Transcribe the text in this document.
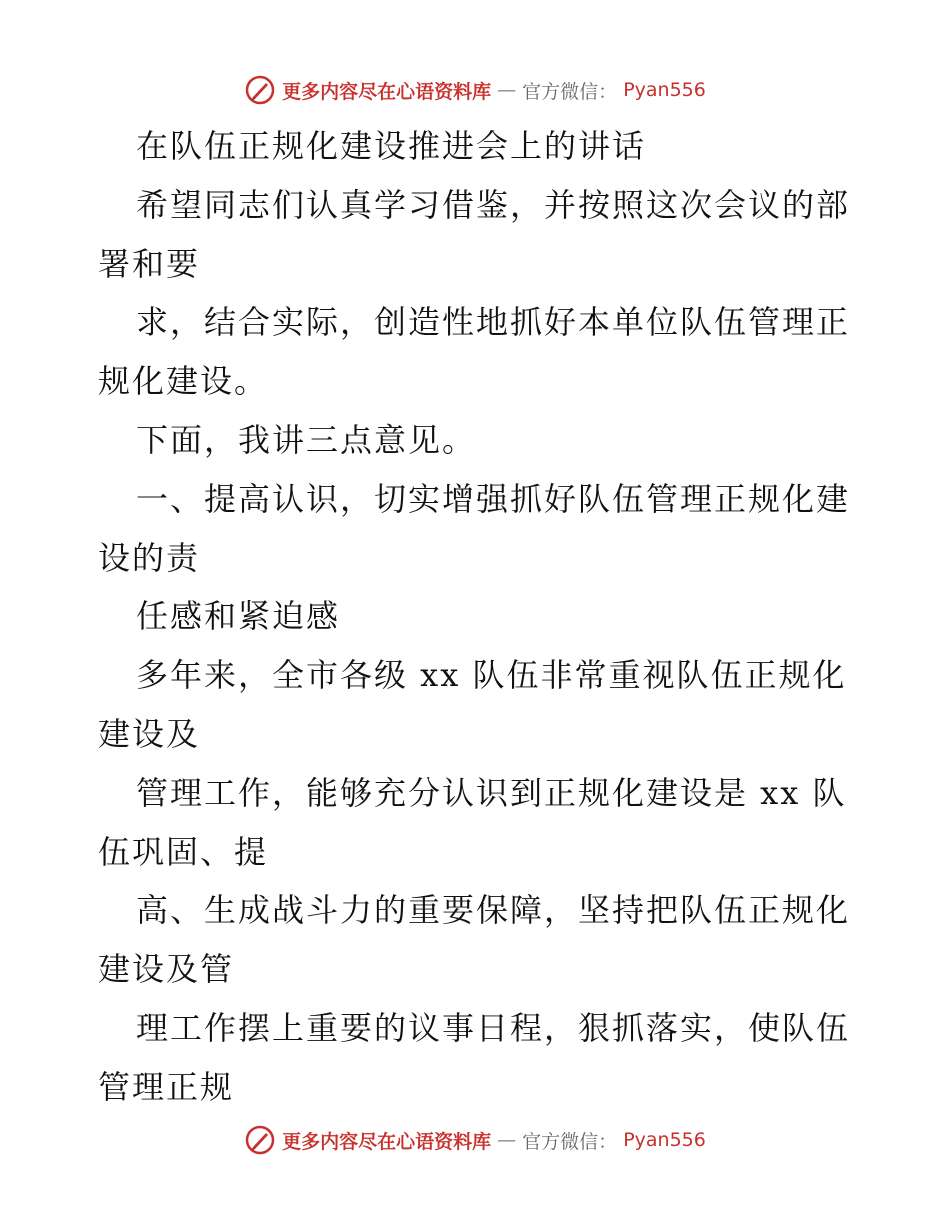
更多内容尽在心语资料库 — 官方微信： Pyan556
在队伍正规化建设推进会上的讲话
希望同志们认真学习借鉴，并按照这次会议的部
署和要
求，结合实际，创造性地抓好本单位队伍管理正
规化建设。
下面，我讲三点意见。
一、提高认识，切实增强抓好队伍管理正规化建
设的责
任感和紧迫感
多年来，全市各级 xx 队伍非常重视队伍正规化
建设及
管理工作，能够充分认识到正规化建设是 xx 队
伍巩固、提
高、生成战斗力的重要保障，坚持把队伍正规化
建设及管
理工作摆上重要的议事日程，狠抓落实，使队伍
管理正规
更多内容尽在心语资料库 — 官方微信： Pyan556
